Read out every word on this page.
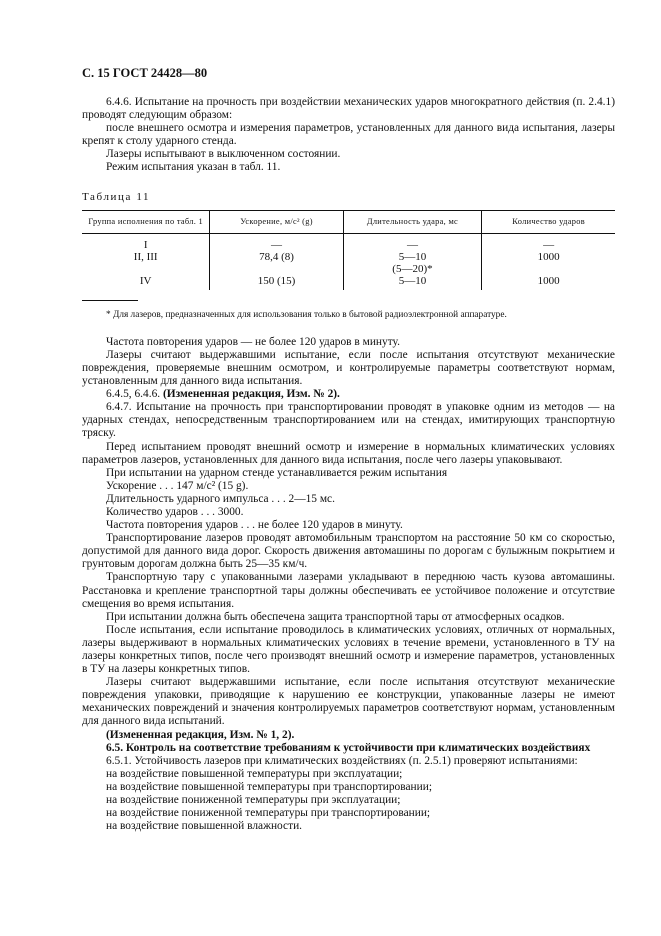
С. 15 ГОСТ 24428—80

6.4.6. Испытание на прочность при воздействии механических ударов многократного действия (п. 2.4.1) проводят следующим образом:

после внешнего осмотра и измерения параметров, установленных для данного вида испытания, лазеры крепят к столу ударного стенда.

Лазеры испытывают в выключенном состоянии.

Режим испытания указан в табл. 11.

Таблица 11

Группа исполнения по табл. 1	Ускорение, м/с² (g)	Длительность удара, мс	Количество ударов
I	—	—	—
II, III	78,4 (8)	5—10	1000
		(5—20)*	
IV	150 (15)	5—10	1000

* Для лазеров, предназначенных для использования только в бытовой радиоэлектронной аппаратуре.

Частота повторения ударов — не более 120 ударов в минуту.

Лазеры считают выдержавшими испытание, если после испытания отсутствуют механические повреждения, проверяемые внешним осмотром, и контролируемые параметры соответствуют нормам, установленным для данного вида испытания.

6.4.5, 6.4.6. (Измененная редакция, Изм. № 2).

6.4.7. Испытание на прочность при транспортировании проводят в упаковке одним из методов — на ударных стендах, непосредственным транспортированием или на стендах, имитирующих транспортную тряску.

Перед испытанием проводят внешний осмотр и измерение в нормальных климатических условиях параметров лазеров, установленных для данного вида испытания, после чего лазеры упаковывают.

При испытании на ударном стенде устанавливается режим испытания

Ускорение . . . 147 м/с² (15 g).

Длительность ударного импульса . . . 2—15 мс.

Количество ударов . . . 3000.

Частота повторения ударов . . . не более 120 ударов в минуту.

Транспортирование лазеров проводят автомобильным транспортом на расстояние 50 км со скоростью, допустимой для данного вида дорог. Скорость движения автомашины по дорогам с булыжным покрытием и грунтовым дорогам должна быть 25—35 км/ч.

Транспортную тару с упакованными лазерами укладывают в переднюю часть кузова автомашины. Расстановка и крепление транспортной тары должны обеспечивать ее устойчивое положение и отсутствие смещения во время испытания.

При испытании должна быть обеспечена защита транспортной тары от атмосферных осадков.

После испытания, если испытание проводилось в климатических условиях, отличных от нормальных, лазеры выдерживают в нормальных климатических условиях в течение времени, установленного в ТУ на лазеры конкретных типов, после чего производят внешний осмотр и измерение параметров, установленных в ТУ на лазеры конкретных типов.

Лазеры считают выдержавшими испытание, если после испытания отсутствуют механические повреждения упаковки, приводящие к нарушению ее конструкции, упакованные лазеры не имеют механических повреждений и значения контролируемых параметров соответствуют нормам, установленным для данного вида испытаний.

(Измененная редакция, Изм. № 1, 2).

6.5. Контроль на соответствие требованиям к устойчивости при климатических воздействиях

6.5.1. Устойчивость лазеров при климатических воздействиях (п. 2.5.1) проверяют испытаниями:

на воздействие повышенной температуры при эксплуатации;

на воздействие повышенной температуры при транспортировании;

на воздействие пониженной температуры при эксплуатации;

на воздействие пониженной температуры при транспортировании;

на воздействие повышенной влажности.
